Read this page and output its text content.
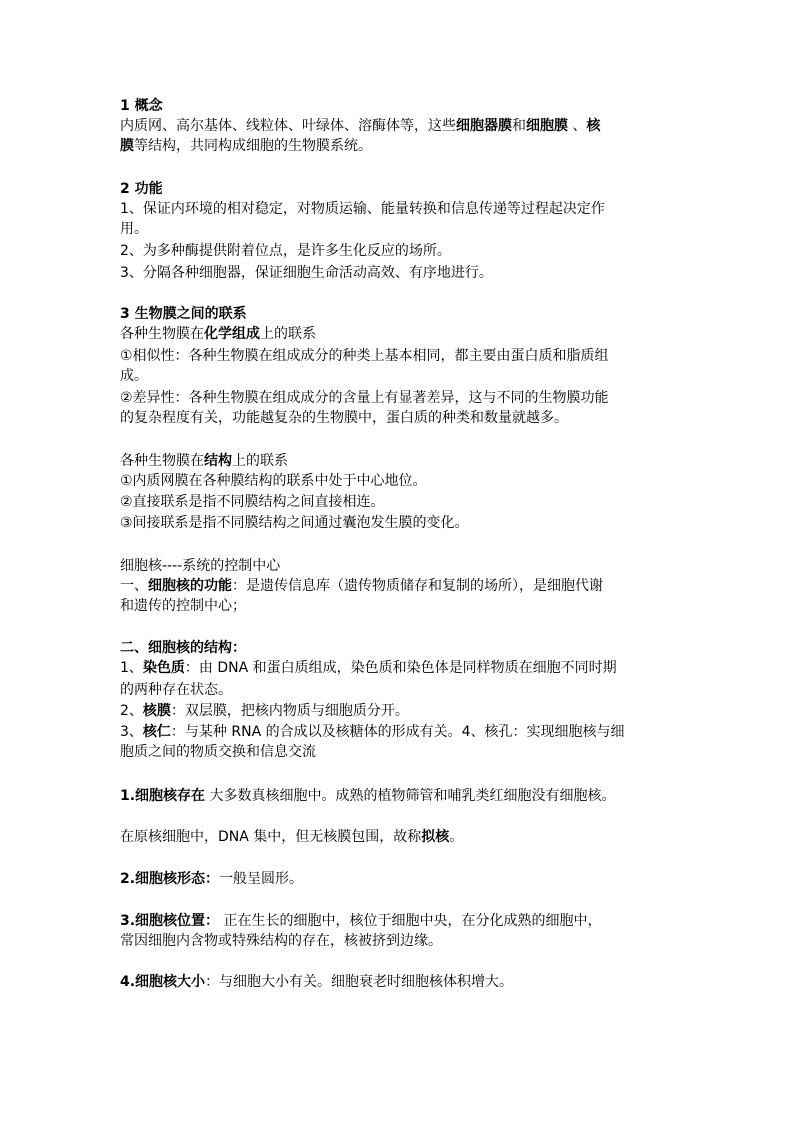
1 概念
内质网、高尔基体、线粒体、叶绿体、溶酶体等，这些细胞器膜和细胞膜 、核
膜等结构，共同构成细胞的生物膜系统。
2 功能
1、保证内环境的相对稳定，对物质运输、能量转换和信息传递等过程起决定作
用。
2、为多种酶提供附着位点，是许多生化反应的场所。
3、分隔各种细胞器，保证细胞生命活动高效、有序地进行。
3 生物膜之间的联系
各种生物膜在化学组成上的联系
①相似性：各种生物膜在组成成分的种类上基本相同，都主要由蛋白质和脂质组
成。
②差异性：各种生物膜在组成成分的含量上有显著差异，这与不同的生物膜功能
的复杂程度有关，功能越复杂的生物膜中，蛋白质的种类和数量就越多。
各种生物膜在结构上的联系
①内质网膜在各种膜结构的联系中处于中心地位。
②直接联系是指不同膜结构之间直接相连。
③间接联系是指不同膜结构之间通过囊泡发生膜的变化。
细胞核----系统的控制中心
一、细胞核的功能：是遗传信息库（遗传物质储存和复制的场所），是细胞代谢
和遗传的控制中心；
二、细胞核的结构：
1、染色质：由 DNA 和蛋白质组成，染色质和染色体是同样物质在细胞不同时期
的两种存在状态。
2、核膜：双层膜，把核内物质与细胞质分开。
3、核仁：与某种 RNA 的合成以及核糖体的形成有关。4、核孔：实现细胞核与细
胞质之间的物质交换和信息交流
1.细胞核存在 大多数真核细胞中。成熟的植物筛管和哺乳类红细胞没有细胞核。
在原核细胞中，DNA 集中，但无核膜包围，故称拟核。
2.细胞核形态：一般呈圆形。
3.细胞核位置： 正在生长的细胞中，核位于细胞中央，在分化成熟的细胞中，
常因细胞内含物或特殊结构的存在，核被挤到边缘。
4.细胞核大小：与细胞大小有关。细胞衰老时细胞核体积增大。
